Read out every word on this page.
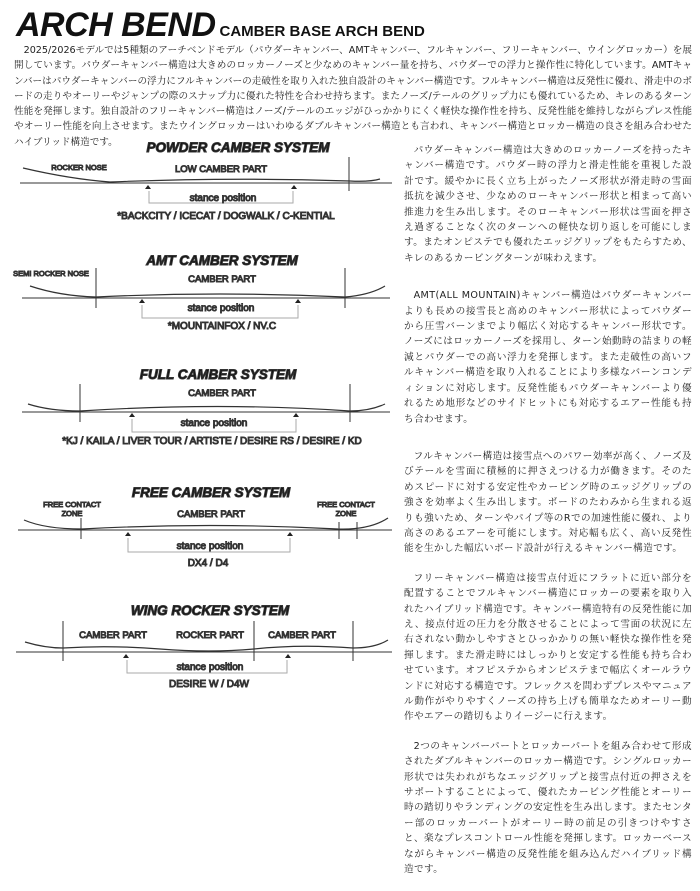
ARCH BEND CAMBER BASE ARCH BEND

2025/2026モデルでは5種類のアーチベンドモデル（パウダーキャンバー、AMTキャンバー、フルキャンバー、フリーキャンバー、ウイングロッカー）を展開しています。パウダーキャンバー構造は大きめのロッカーノーズと少なめのキャンバー量を持ち、パウダーでの浮力と操作性に特化しています。AMTキャンバーはパウダーキャンバーの浮力にフルキャンバーの走破性を取り入れた独自設計のキャンバー構造です。フルキャンバー構造は反発性に優れ、滑走中のボードの走りやオーリーやジャンプの際のスナップ力に優れた特性を合わせ持ちます。またノーズ/テールのグリップ力にも優れているため、キレのあるターン性能を発揮します。独自設計のフリーキャンバー構造はノーズ/テールのエッジがひっかかりにくく軽快な操作性を持ち、反発性能を維持しながらプレス性能やオーリー性能を向上させます。またウイングロッカーはいわゆるダブルキャンバー構造とも言われ、キャンバー構造とロッカー構造の良さを組み合わせたハイブリッド構造です。	POWDER CAMBER SYSTEM
ROCKER NOSE	LOW CAMBER PART
stance position
*BACKCITY / ICECAT / DOGWALK / C-KENTIAL
AMT CAMBER SYSTEM
SEMI ROCKER NOSE
CAMBER PART
stance position
*MOUNTAINFOX / NV.C
FULL CAMBER SYSTEM
CAMBER PART
stance position
*KJ / KAILA / LIVER TOUR / ARTISTE / DESIRE RS / DESIRE / KD
FREE CAMBER SYSTEM
FREE CONTACT
ZONE
FREE CONTACT
ZONE
CAMBER PART
stance position
DX4 / D4
WING ROCKER SYSTEM
CAMBER PART	ROCKER PART	CAMBER PART
stance position
DESIRE W / D4W

パウダーキャンバー構造は大きめのロッカーノーズを持ったキャンバー構造です。パウダー時の浮力と滑走性能を重視した設計です。緩やかに長く立ち上がったノーズ形状が滑走時の雪面抵抗を減少させ、少なめのローキャンバー形状と相まって高い推進力を生み出します。そのローキャンバー形状は雪面を押さえ過ぎることなく次のターンへの軽快な切り返しを可能にします。またオンピステでも優れたエッジグリップをもたらすため、キレのあるカービングターンが味わえます。

AMT(ALL MOUNTAIN)キャンバー構造はパウダーキャンバーよりも長めの接雪長と高めのキャンバー形状によってパウダーから圧雪バーンまでより幅広く対応するキャンバー形状です。ノーズにはロッカーノーズを採用し、ターン始動時の詰まりの軽減とパウダーでの高い浮力を発揮します。また走破性の高いフルキャンバー構造を取り入れることにより多様なバーンコンディションに対応します。反発性能もパウダーキャンバーより優れるため地形などのサイドヒットにも対応するエアー性能も持ち合わせます。

フルキャンバー構造は接雪点へのパワー効率が高く、ノーズ及びテールを雪面に積極的に押さえつける力が働きます。そのためスピードに対する安定性やカービング時のエッジグリップの強さを効率よく生み出します。ボードのたわみから生まれる返りも強いため、ターンやパイプ等のRでの加速性能に優れ、より高さのあるエアーを可能にします。対応幅も広く、高い反発性能を生かした幅広いボード設計が行えるキャンバー構造です。

フリーキャンバー構造は接雪点付近にフラットに近い部分を配置することでフルキャンバー構造にロッカーの要素を取り入れたハイブリッド構造です。キャンバー構造特有の反発性能に加え、接点付近の圧力を分散させることによって雪面の状況に左右されない動かしやすさとひっかかりの無い軽快な操作性を発揮します。また滑走時にはしっかりと安定する性能も持ち合わせています。オフピステからオンピステまで幅広くオールラウンドに対応する構造です。フレックスを問わずプレスやマニュアル動作がやりやすくノーズの持ち上げも簡単なためオーリー動作やエアーの踏切もよりイージーに行えます。

2つのキャンバーパートとロッカーパートを組み合わせて形成されたダブルキャンバーのロッカー構造です。シングルロッカー形状では失われがちなエッジグリップと接雪点付近の押さえをサポートすることによって、優れたカービング性能とオーリー時の踏切りやランディングの安定性を生み出します。またセンター部のロッカーパートがオーリー時の前足の引きつけやすさと、楽なプレスコントロール性能を発揮します。ロッカーベースながらキャンバー構造の反発性能を組み込んだハイブリッド構造です。
